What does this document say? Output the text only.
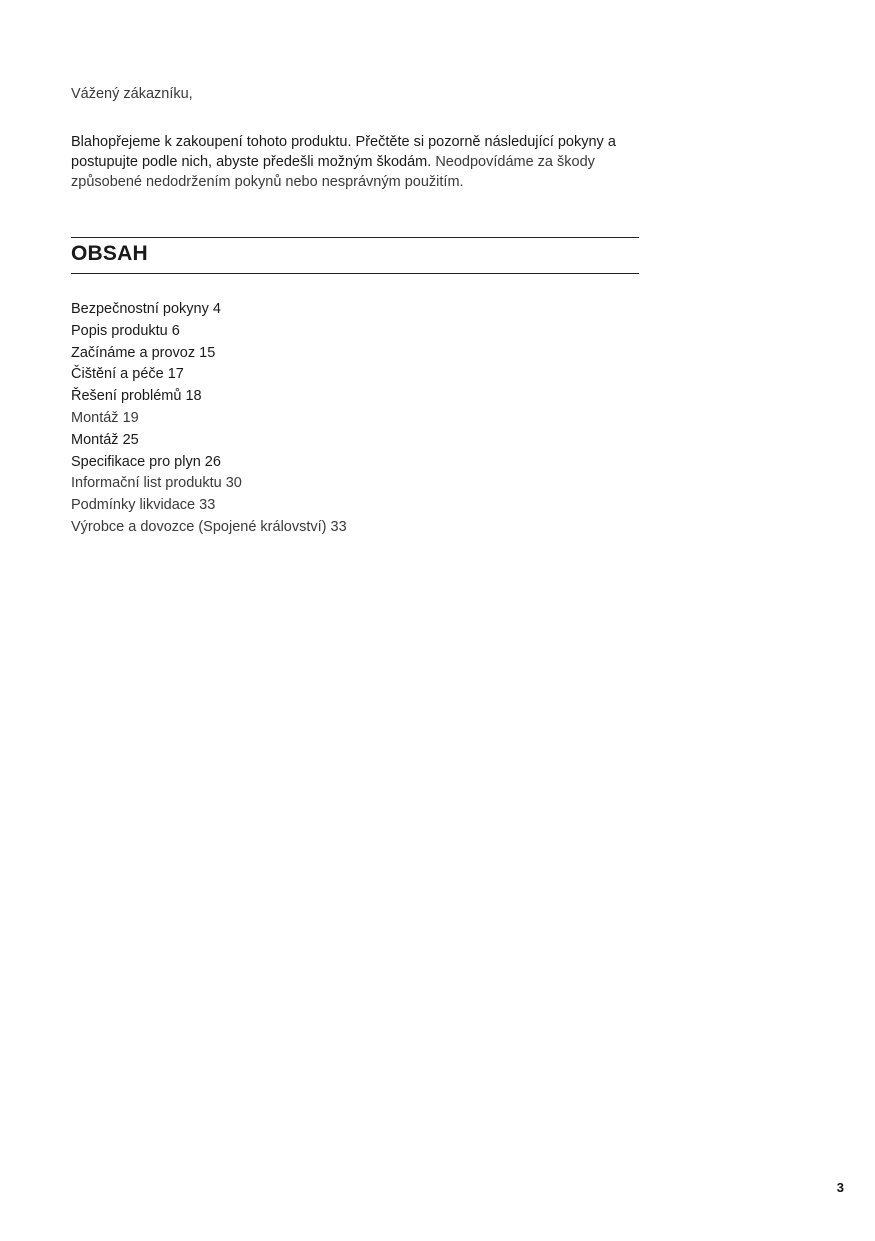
Vážený zákazníku,

Blahopřejeme k zakoupení tohoto produktu. Přečtěte si pozorně následující pokyny a postupujte podle nich, abyste předešli možným škodám. Neodpovídáme za škody způsobené nedodržením pokynů nebo nesprávným použitím.

OBSAH
Bezpečnostní pokyny 4
Popis produktu 6
Začínáme a provoz 15
Čištění a péče 17
Řešení problémů 18
Montáž 19
Montáž 25
Specifikace pro plyn 26
Informační list produktu 30
Podmínky likvidace 33
Výrobce a dovozce (Spojené království) 33

3
